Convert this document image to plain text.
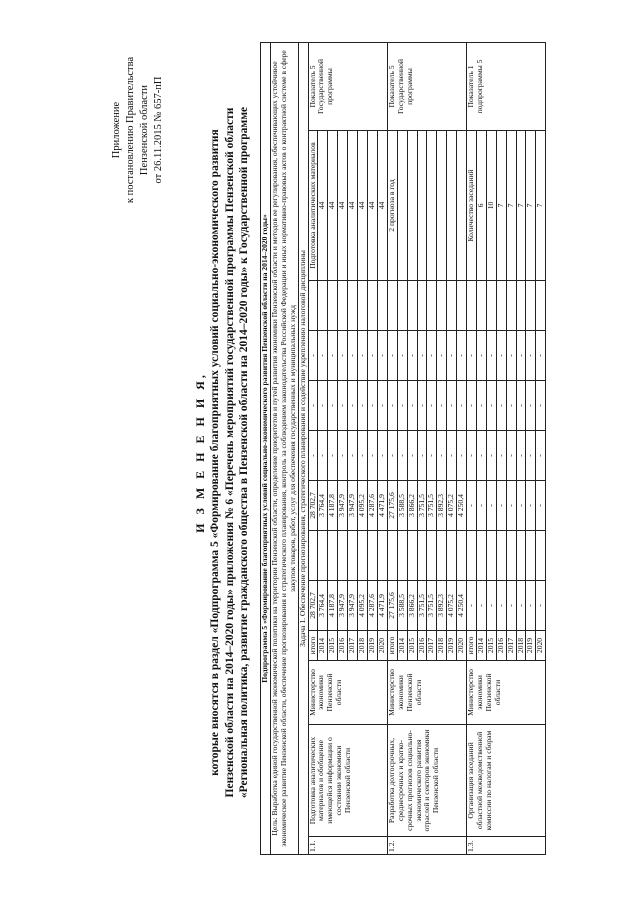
Приложение к постановлению Правительства Пензенской области от 26.11.2015 № 657-пП
И З М Е Н Е Н И Я, которые вносятся в раздел «Подпрограмма 5 «Формирование благоприятных условий социально-экономического развития Пензенской области на 2014–2020 годы» приложения № 6 «Перечень мероприятий государственной программы Пензенской области «Региональная политика, развитие гражданского общества в Пензенской области на 2014–2020 годы» к Государственной программе Подпрограмма 5 «Формирование благоприятных условий социально-экономического развития Пензенской области на 2014–2020 годы»												
Цель: Выработка единой государственной экономической политики на территории Пензенской области, определение приоритетов и путей развития экономики Пензенской области и методов ее регулирования, обеспечивающих устойчивое экономическое развитие Пензенской области, обеспечение прогнозирования и стратегического планирования, контроль за соблюдением законодательства Российской Федерации и иных нормативно-правовых актов о контрактной системе в сфере закупок товаров, работ, услуг для обеспечения государственных и муниципальных нужд												
Задача 1. Обеспечение прогнозирования, стратегического планирования и содействие укреплению налоговой дисциплины												
1.1.	Подготовка аналитических материалов и обобщение имеющейся информации о состоянии экономики Пензенской области	Министерство экономики Пензенской области	итого	28 702,7		28 702,7	-	-	-		Подготовка аналитических материалов	Показатель 5 Государственной программы
			2014	3 764,4		3 764,4	-	-	-		44	
			2015	4 187,8		4 187,8	-	-	-		44	
			2016	3 947,9		3 947,9	-	-	-		44	
			2017	3 947,9		3 947,9	-	-	-		44	
			2018	4 095,2		4 095,2	-	-	-		44	
			2019	4 287,6		4 287,6	-	-	-		44	
			2020	4 471,9		4 471,9	-	-	-		44	
1.2.	Разработка долгосрочных, среднесрочных и кратко-срочных прогнозов социально-экономического развития отраслей и секторов экономики Пензенской области	Министерство экономики Пензенской области	итого	27 175,6		27 175,6	-	-	-		2 прогноза в год	Показатель 5 Государственной программы
			2014	3 588,5		3 588,5	-	-	-			
			2015	3 866,2		3 866,2	-	-	-			
			2016	3 751,5		3 751,5	-	-	-			
			2017	3 751,5		3 751,5	-	-	-			
			2018	3 892,3		3 892,3	-	-	-			
			2019	4 075,2		4 075,2	-	-	-			
			2020	4 250,4		4 250,4	-	-	-			
1.3.	Организация заседаний областной межведомственной комиссии по налогам и сборам	Министерство экономики Пензенской области	итого	-		-	-	-	-		Количество заседаний	Показатель 1 подпрограммы 5
			2014	-		-	-	-	-		6	
			2015	-		-	-	-	-		10	
			2016	-		-	-	-	-		7	
			2017	-		-	-	-	-		7	
			2018	-		-	-	-	-		7	
			2019	-		-	-	-	-		7	
			2020	-		-	-	-	-		7	
